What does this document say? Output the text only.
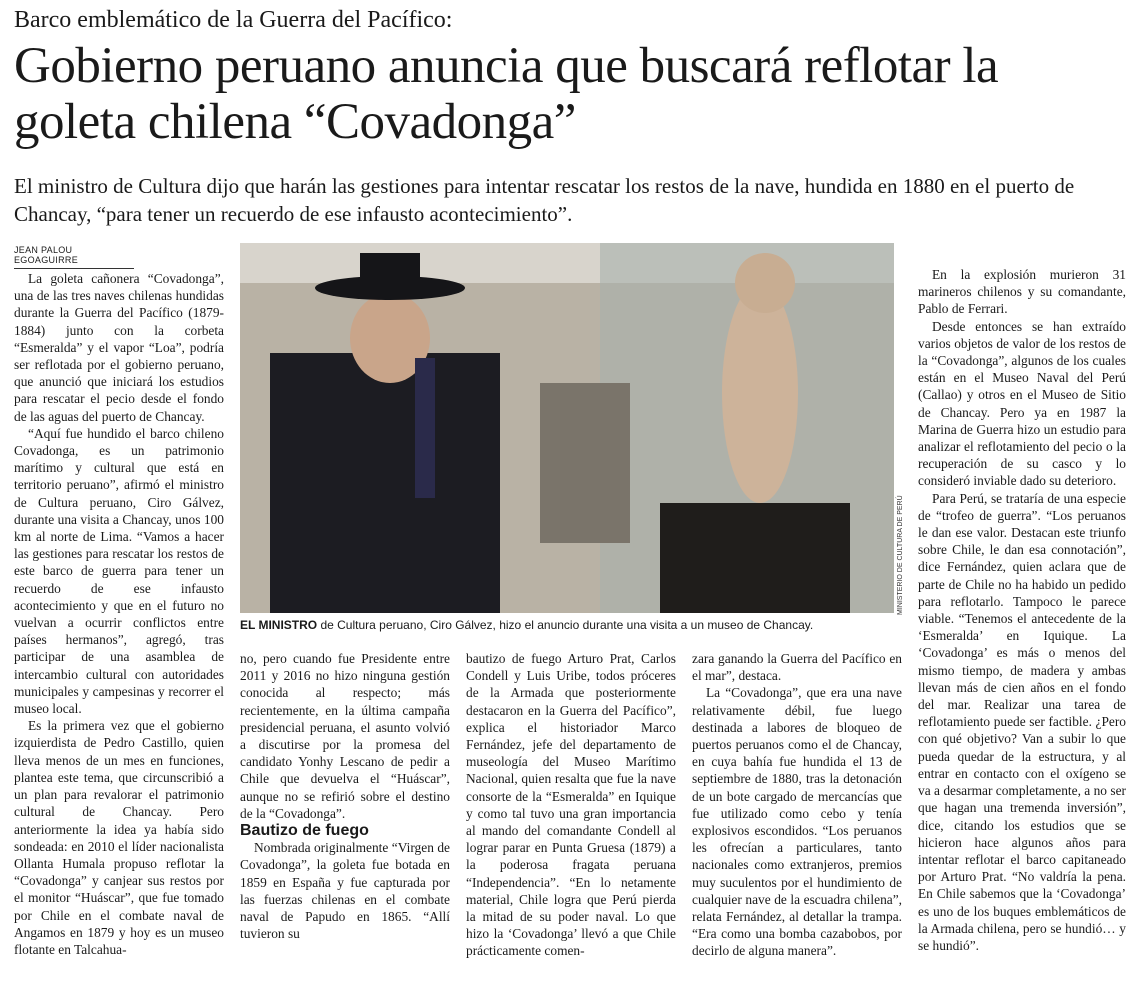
Barco emblemático de la Guerra del Pacífico:
Gobierno peruano anuncia que buscará reflotar la goleta chilena “Covadonga”
El ministro de Cultura dijo que harán las gestiones para intentar rescatar los restos de la nave, hundida en 1880 en el puerto de Chancay, “para tener un recuerdo de ese infausto acontecimiento”.
JEAN PALOU EGOAGUIRRE

La goleta cañonera “Covadonga”, una de las tres naves chilenas hundidas durante la Guerra del Pacífico (1879-1884) junto con la corbeta “Esmeralda” y el vapor “Loa”, podría ser reflotada por el gobierno peruano, que anunció que iniciará los estudios para rescatar el pecio desde el fondo de las aguas del puerto de Chancay.

“Aquí fue hundido el barco chileno Covadonga, es un patrimonio marítimo y cultural que está en territorio peruano”, afirmó el ministro de Cultura peruano, Ciro Gálvez, durante una visita a Chancay, unos 100 km al norte de Lima. “Vamos a hacer las gestiones para rescatar los restos de este barco de guerra para tener un recuerdo de ese infausto acontecimiento y que en el futuro no vuelvan a ocurrir conflictos entre países hermanos”, agregó, tras participar de una asamblea de intercambio cultural con autoridades municipales y campesinas y recorrer el museo local.

Es la primera vez que el gobierno izquierdista de Pedro Castillo, quien lleva menos de un mes en funciones, plantea este tema, que circunscribió a un plan para revalorar el patrimonio cultural de Chancay. Pero anteriormente la idea ya había sido sondeada: en 2010 el líder nacionalista Ollanta Humala propuso reflotar la “Covadonga” y canjear sus restos por el monitor “Huáscar”, que fue tomado por Chile en el combate naval de Angamos en 1879 y hoy es un museo flotante en Talcahua-

MINISTERIO DE CULTURA DE PERÚ
EL MINISTRO de Cultura peruano, Ciro Gálvez, hizo el anuncio durante una visita a un museo de Chancay.

no, pero cuando fue Presidente entre 2011 y 2016 no hizo ninguna gestión conocida al respecto; más recientemente, en la última campaña presidencial peruana, el asunto volvió a discutirse por la promesa del candidato Yonhy Lescano de pedir a Chile que devuelva el “Huáscar”, aunque no se refirió sobre el destino de la “Covadonga”.

Bautizo de fuego

Nombrada originalmente “Virgen de Covadonga”, la goleta fue botada en 1859 en España y fue capturada por las fuerzas chilenas en el combate naval de Papudo en 1865. “Allí tuvieron su

bautizo de fuego Arturo Prat, Carlos Condell y Luis Uribe, todos próceres de la Armada que posteriormente destacaron en la Guerra del Pacífico”, explica el historiador Marco Fernández, jefe del departamento de museología del Museo Marítimo Nacional, quien resalta que fue la nave consorte de la “Esmeralda” en Iquique y como tal tuvo una gran importancia al mando del comandante Condell al lograr parar en Punta Gruesa (1879) a la poderosa fragata peruana “Independencia”. “En lo netamente material, Chile logra que Perú pierda la mitad de su poder naval. Lo que hizo la ‘Covadonga’ llevó a que Chile prácticamente comen-

zara ganando la Guerra del Pacífico en el mar”, destaca.

La “Covadonga”, que era una nave relativamente débil, fue luego destinada a labores de bloqueo de puertos peruanos como el de Chancay, en cuya bahía fue hundida el 13 de septiembre de 1880, tras la detonación de un bote cargado de mercancías que fue utilizado como cebo y tenía explosivos escondidos. “Los peruanos les ofrecían a particulares, tanto nacionales como extranjeros, premios muy suculentos por el hundimiento de cualquier nave de la escuadra chilena”, relata Fernández, al detallar la trampa. “Era como una bomba cazabobos, por decirlo de alguna manera”.

En la explosión murieron 31 marineros chilenos y su comandante, Pablo de Ferrari.

Desde entonces se han extraído varios objetos de valor de los restos de la “Covadonga”, algunos de los cuales están en el Museo Naval del Perú (Callao) y otros en el Museo de Sitio de Chancay. Pero ya en 1987 la Marina de Guerra hizo un estudio para analizar el reflotamiento del pecio o la recuperación de su casco y lo consideró inviable dado su deterioro.

Para Perú, se trataría de una especie de “trofeo de guerra”. “Los peruanos le dan ese valor. Destacan este triunfo sobre Chile, le dan esa connotación”, dice Fernández, quien aclara que de parte de Chile no ha habido un pedido para reflotarlo. Tampoco le parece viable. “Tenemos el antecedente de la ‘Esmeralda’ en Iquique. La ‘Covadonga’ es más o menos del mismo tiempo, de madera y ambas llevan más de cien años en el fondo del mar. Realizar una tarea de reflotamiento puede ser factible. ¿Pero con qué objetivo? Van a subir lo que pueda quedar de la estructura, y al entrar en contacto con el oxígeno se va a desarmar completamente, a no ser que hagan una tremenda inversión”, dice, citando los estudios que se hicieron hace algunos años para intentar reflotar el barco capitaneado por Arturo Prat. “No valdría la pena. En Chile sabemos que la ‘Covadonga’ es uno de los buques emblemáticos de la Armada chilena, pero se hundió… y se hundió”.
